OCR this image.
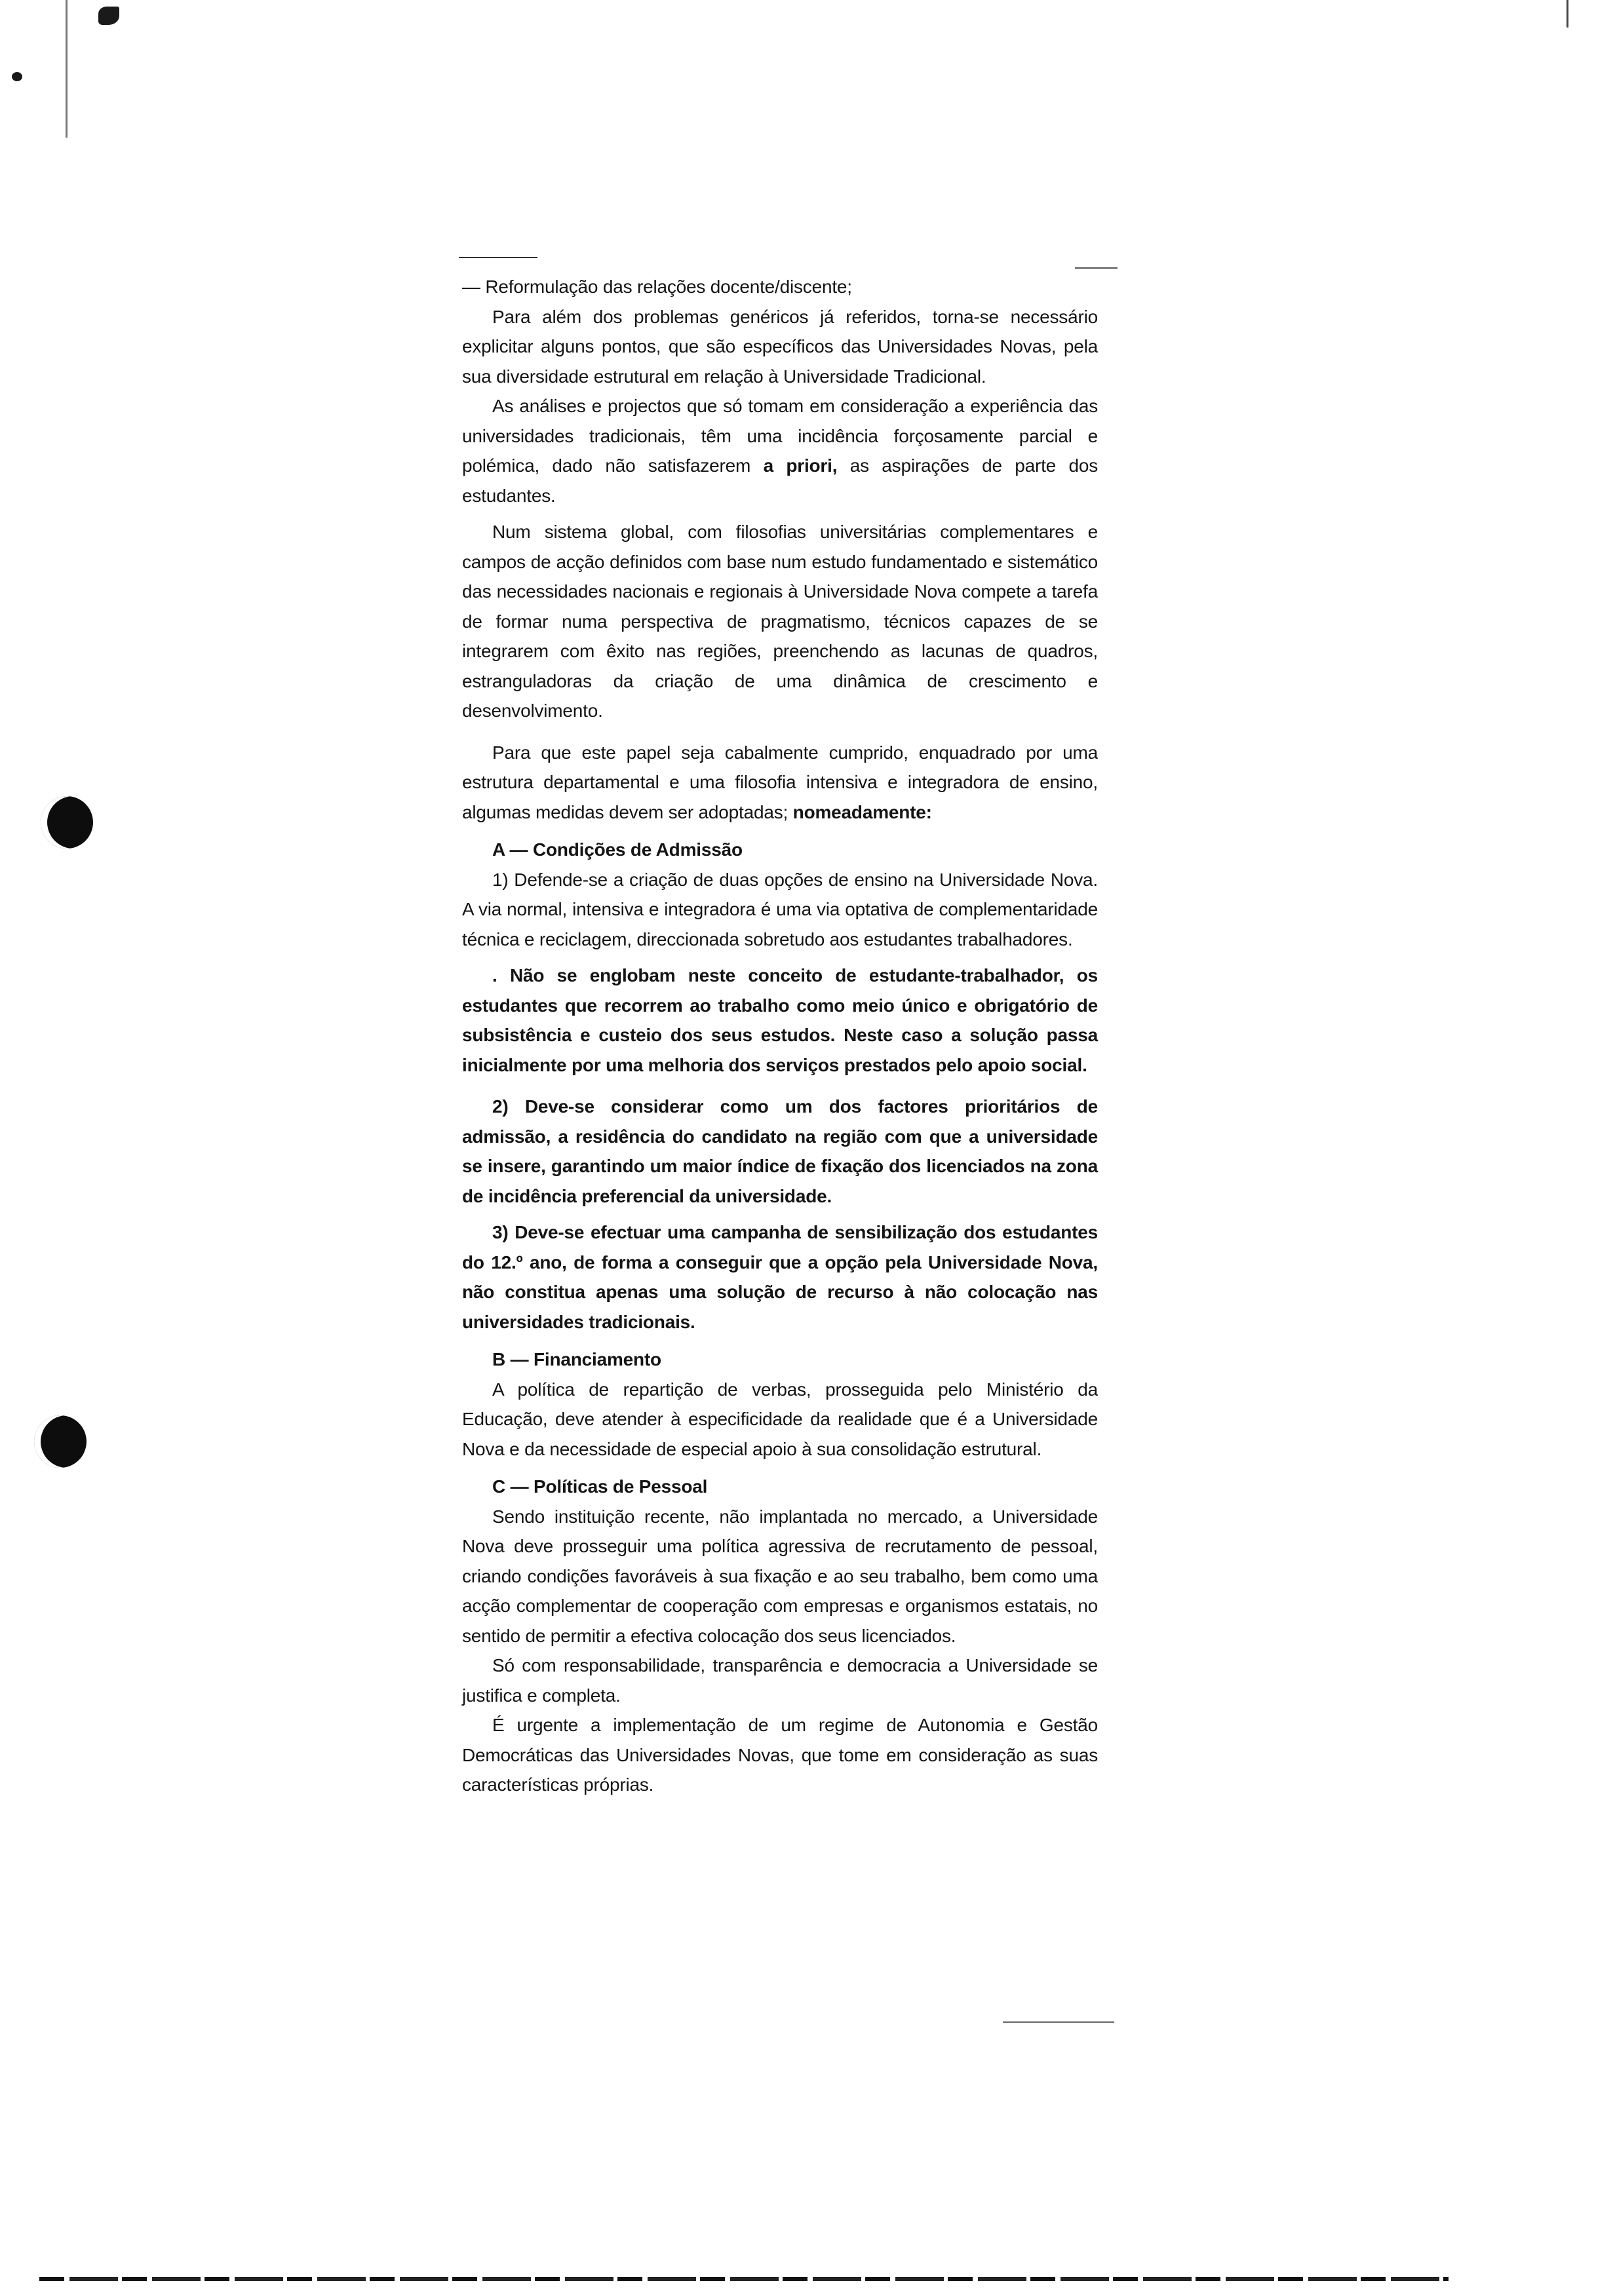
— Reformulação das relações docente/discente;

Para além dos problemas genéricos já referidos, torna-se necessário explicitar alguns pontos, que são específicos das Universidades Novas, pela sua diversidade estrutural em relação à Universidade Tradicional.

As análises e projectos que só tomam em consideração a experiência das universidades tradicionais, têm uma incidência forçosamente parcial e polémica, dado não satisfazerem a priori, as aspirações de parte dos estudantes.

Num sistema global, com filosofias universitárias complementares e campos de acção definidos com base num estudo fundamentado e sistemático das necessidades nacionais e regionais à Universidade Nova compete a tarefa de formar numa perspectiva de pragmatismo, técnicos capazes de se integrarem com êxito nas regiões, preenchendo as lacunas de quadros, estranguladoras da criação de uma dinâmica de crescimento e desenvolvimento.

Para que este papel seja cabalmente cumprido, enquadrado por uma estrutura departamental e uma filosofia intensiva e integradora de ensino, algumas medidas devem ser adoptadas; nomeadamente:

A — Condições de Admissão

1) Defende-se a criação de duas opções de ensino na Universidade Nova. A via normal, intensiva e integradora é uma via optativa de complementaridade técnica e reciclagem, direccionada sobretudo aos estudantes trabalhadores.

. Não se englobam neste conceito de estudante-trabalhador, os estudantes que recorrem ao trabalho como meio único e obrigatório de subsistência e custeio dos seus estudos. Neste caso a solução passa inicialmente por uma melhoria dos serviços prestados pelo apoio social.

2) Deve-se considerar como um dos factores prioritários de admissão, a residência do candidato na região com que a universidade se insere, garantindo um maior índice de fixação dos licenciados na zona de incidência preferencial da universidade.

3) Deve-se efectuar uma campanha de sensibilização dos estudantes do 12.º ano, de forma a conseguir que a opção pela Universidade Nova, não constitua apenas uma solução de recurso à não colocação nas universidades tradicionais.

B — Financiamento

A política de repartição de verbas, prosseguida pelo Ministério da Educação, deve atender à especificidade da realidade que é a Universidade Nova e da necessidade de especial apoio à sua consolidação estrutural.

C — Políticas de Pessoal

Sendo instituição recente, não implantada no mercado, a Universidade Nova deve prosseguir uma política agressiva de recrutamento de pessoal, criando condições favoráveis à sua fixação e ao seu trabalho, bem como uma acção complementar de cooperação com empresas e organismos estatais, no sentido de permitir a efectiva colocação dos seus licenciados.

Só com responsabilidade, transparência e democracia a Universidade se justifica e completa.

É urgente a implementação de um regime de Autonomia e Gestão Democráticas das Universidades Novas, que tome em consideração as suas características próprias.
